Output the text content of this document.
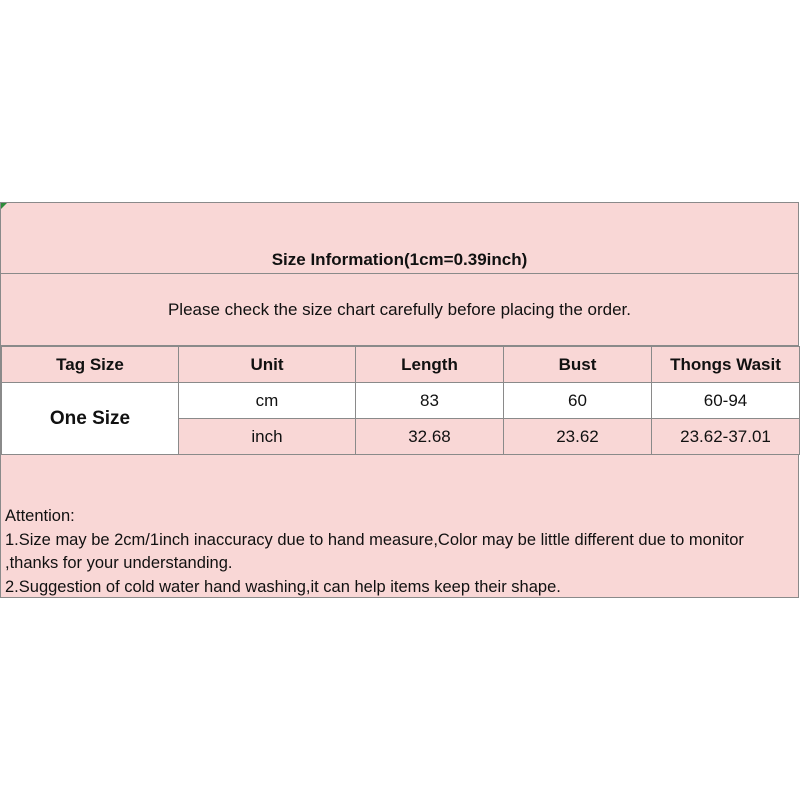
Size Information(1cm=0.39inch)
Please check the size chart carefully before placing the order.
Tag Size	Unit	Length	Bust	Thongs Wasit
One Size	cm	83	60	60-94
	inch	32.68	23.62	23.62-37.01
Attention:
1.Size may be 2cm/1inch inaccuracy due to hand measure,Color may be little different due to monitor ,thanks for your understanding.
2.Suggestion of cold water hand washing,it can help items keep their shape.
